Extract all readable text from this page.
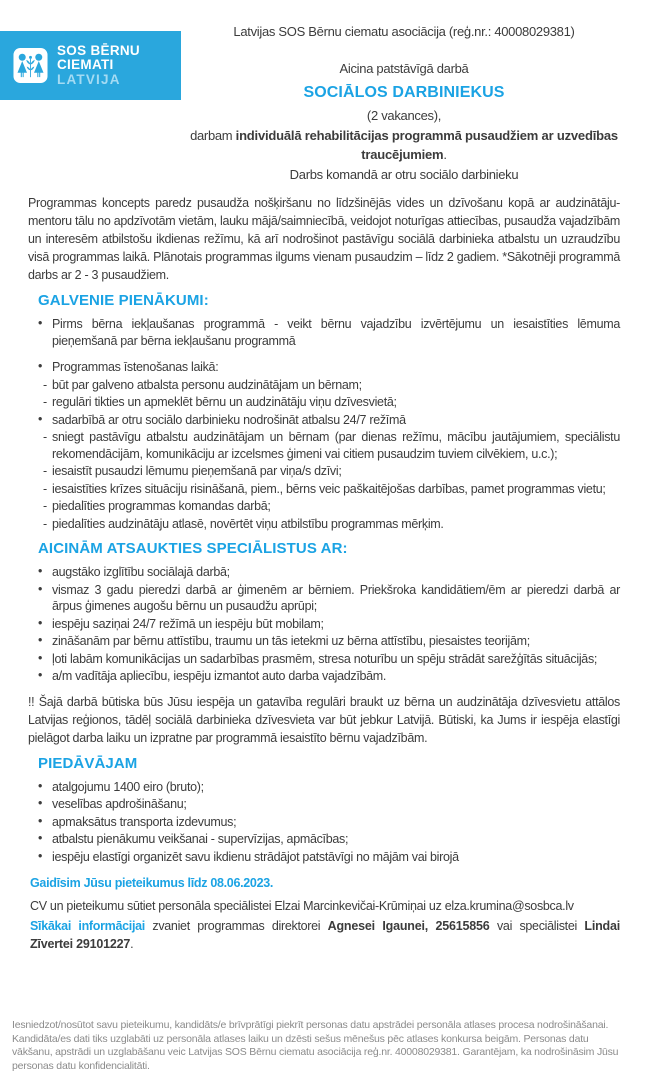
SOS BĒRNU
CIEMATI
LATVIJA
Latvijas SOS Bērnu ciematu asociācija (reģ.nr.: 40008029381)
Aicina patstāvīgā darbā
SOCIĀLOS DARBINIEKUS
(2 vakances),
darbam individuālā rehabilitācijas programmā pusaudžiem ar uzvedības traucējumiem.
Darbs komandā ar otru sociālo darbinieku

Programmas koncepts paredz pusaudža nošķiršanu no līdzšinējās vides un dzīvošanu kopā ar audzinātāju-mentoru tālu no apdzīvotām vietām, lauku mājā/saimniecībā, veidojot noturīgas attiecības, pusaudža vajadzībām un interesēm atbilstošu ikdienas režīmu, kā arī nodrošinot pastāvīgu sociālā darbinieka atbalstu un uzraudzību visā programmas laikā. Plānotais programmas ilgums vienam pusaudzim – līdz 2 gadiem. *Sākotnēji programmā darbs ar 2 - 3 pusaudžiem.

GALVENIE PIENĀKUMI:
• Pirms bērna iekļaušanas programmā - veikt bērnu vajadzību izvērtējumu un iesaistīties lēmuma pieņemšanā par bērna iekļaušanu programmā
• Programmas īstenošanas laikā:
- būt par galveno atbalsta personu audzinātājam un bērnam;
- regulāri tikties un apmeklēt bērnu un audzinātāju viņu dzīvesvietā;
• sadarbībā ar otru sociālo darbinieku nodrošināt atbalsu 24/7 režīmā
- sniegt pastāvīgu atbalstu audzinātājam un bērnam (par dienas režīmu, mācību jautājumiem, speciālistu rekomendācijām, komunikāciju ar izcelsmes ģimeni vai citiem pusaudzim tuviem cilvēkiem, u.c.);
- iesaistīt pusaudzi lēmumu pieņemšanā par viņa/s dzīvi;
- iesaistīties krīzes situāciju risināšanā, piem., bērns veic paškaitējošas darbības, pamet programmas vietu;
- piedalīties programmas komandas darbā;
- piedalīties audzinātāju atlasē, novērtēt viņu atbilstību programmas mērķim.
AICINĀM ATSAUKTIES SPECIĀLISTUS AR:
• augstāko izglītību sociālajā darbā;
• vismaz 3 gadu pieredzi darbā ar ģimenēm ar bērniem. Priekšroka kandidātiem/ēm ar pieredzi darbā ar ārpus ģimenes augošu bērnu un pusaudžu aprūpi;
• iespēju saziņai 24/7 režīmā un iespēju būt mobilam;
• zināšanām par bērnu attīstību, traumu un tās ietekmi uz bērna attīstību, piesaistes teorijām;
• ļoti labām komunikācijas un sadarbības prasmēm, stresa noturību un spēju strādāt sarežģītās situācijās;
• a/m vadītāja apliecību, iespēju izmantot auto darba vajadzībām.

!! Šajā darbā būtiska būs Jūsu iespēja un gatavība regulāri braukt uz bērna un audzinātāja dzīvesvietu attālos Latvijas reģionos, tādēļ sociālā darbinieka dzīvesvieta var būt jebkur Latvijā. Būtiski, ka Jums ir iespēja elastīgi pielāgot darba laiku un izpratne par programmā iesaistīto bērnu vajadzībām.

PIEDĀVĀJAM
• atalgojumu 1400 eiro (bruto);
• veselības apdrošināšanu;
• apmaksātus transporta izdevumus;
• atbalstu pienākumu veikšanai - supervīzijas, apmācības;
• iespēju elastīgi organizēt savu ikdienu strādājot patstāvīgi no mājām vai birojā
Gaidīsim Jūsu pieteikumus līdz 08.06.2023.
CV un pieteikumu sūtiet personāla speciālistei Elzai Marcinkevičai-Krūmiņai uz elza.krumina@sosbca.lv
Sīkākai informācijai zvaniet programmas direktorei Agnesei Igaunei, 25615856 vai speciālistei Lindai Zīvertei 29101227.
Iesniedzot/nosūtot savu pieteikumu, kandidāts/e brīvprātīgi piekrīt personas datu apstrādei personāla atlases procesa nodrošināšanai. Kandidāta/es dati tiks uzglabāti uz personāla atlases laiku un dzēsti sešus mēnešus pēc atlases konkursa beigām. Personas datu vākšanu, apstrādi un uzglabāšanu veic Latvijas SOS Bērnu ciematu asociācija reģ.nr. 40008029381. Garantējam, ka nodrošināsim Jūsu personas datu konfidencialitāti.
